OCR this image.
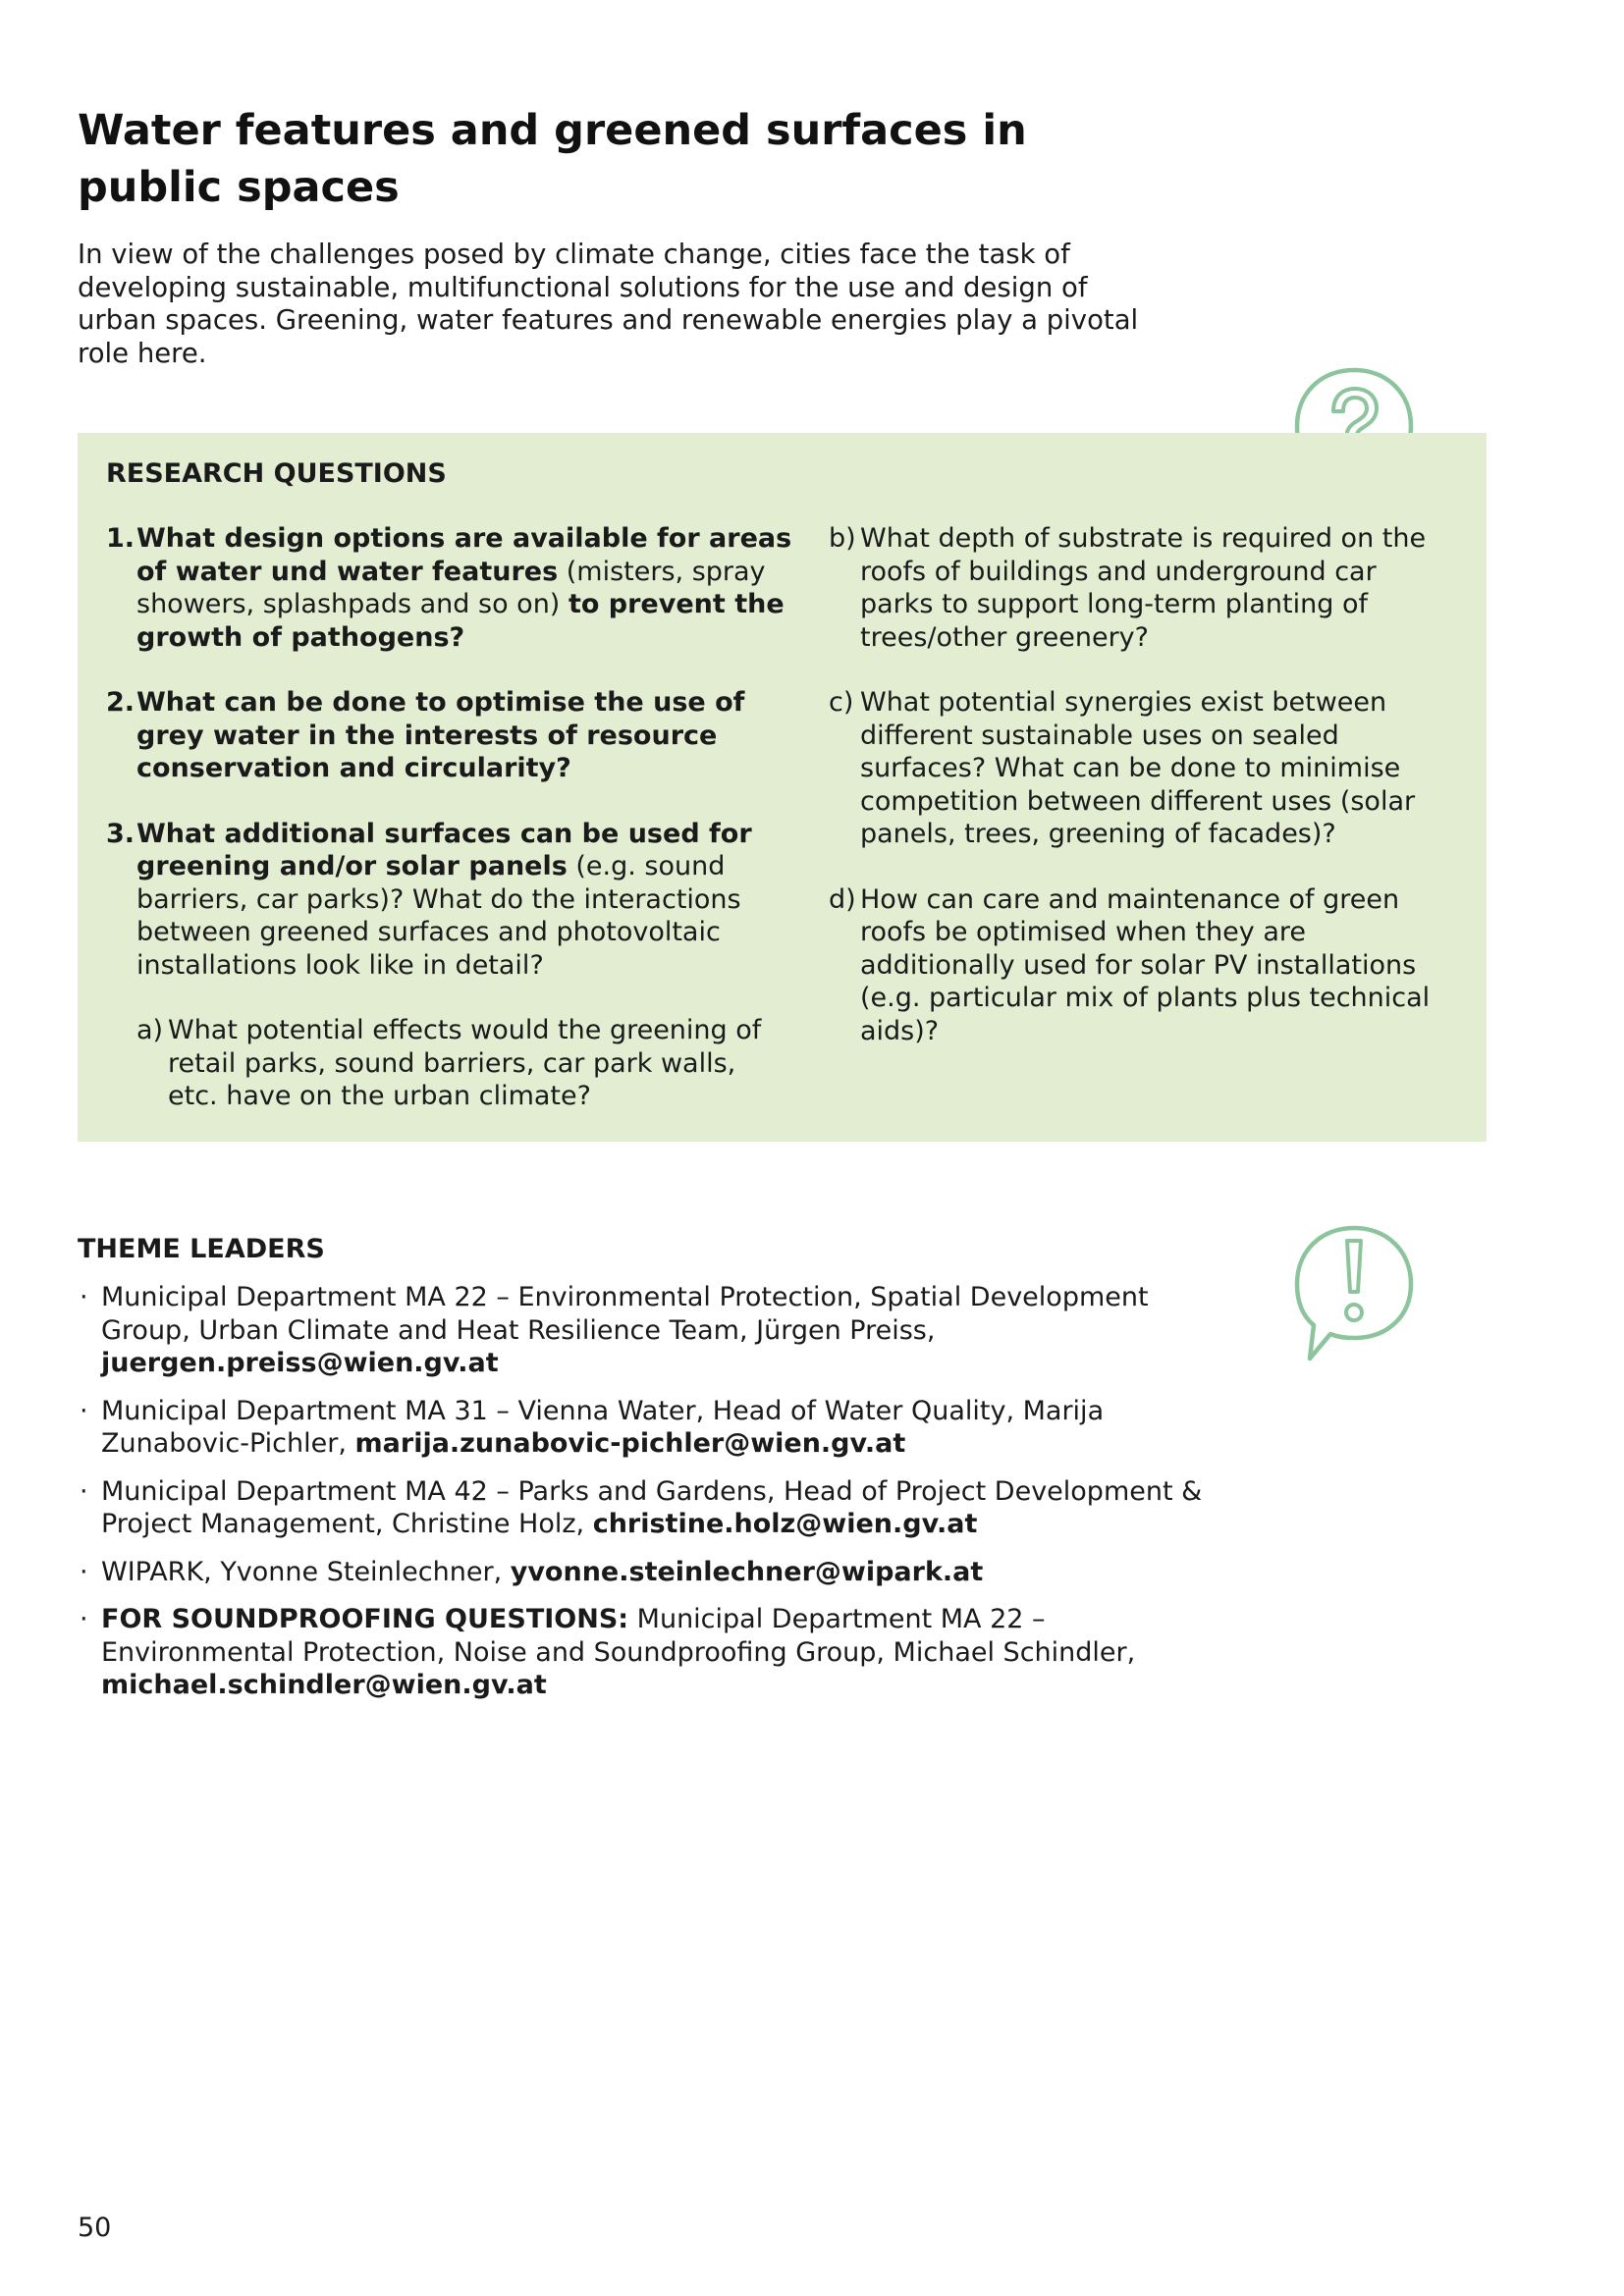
Water features and greened surfaces in public spaces

In view of the challenges posed by climate change, cities face the task of developing sustainable, multifunctional solutions for the use and design of urban spaces. Greening, water features and renewable energies play a pivotal role here.

RESEARCH QUESTIONS
1. What design options are available for areas of water und water features (misters, spray showers, splashpads and so on) to prevent the growth of pathogens?
2. What can be done to optimise the use of grey water in the interests of resource conservation and circularity?
3. What additional surfaces can be used for greening and/or solar panels (e.g. sound barriers, car parks)? What do the interactions between greened surfaces and photovoltaic installations look like in detail?
a) What potential effects would the greening of retail parks, sound barriers, car park walls, etc. have on the urban climate?
b) What depth of substrate is required on the roofs of buildings and underground car parks to support long-term planting of trees/other greenery?
c) What potential synergies exist between different sustainable uses on sealed surfaces? What can be done to minimise competition between different uses (solar panels, trees, greening of facades)?
d) How can care and maintenance of green roofs be optimised when they are additionally used for solar PV installations (e.g. particular mix of plants plus technical aids)?
THEME LEADERS
· Municipal Department MA 22 – Environmental Protection, Spatial Development Group, Urban Climate and Heat Resilience Team, Jürgen Preiss, juergen.preiss@wien.gv.at
· Municipal Department MA 31 – Vienna Water, Head of Water Quality, Marija Zunabovic-Pichler, marija.zunabovic-pichler@wien.gv.at
· Municipal Department MA 42 – Parks and Gardens, Head of Project Development & Project Management, Christine Holz, christine.holz@wien.gv.at
· WIPARK, Yvonne Steinlechner, yvonne.steinlechner@wipark.at
· FOR SOUNDPROOFING QUESTIONS: Municipal Department MA 22 – Environmental Protection, Noise and Soundproofing Group, Michael Schindler, michael.schindler@wien.gv.at

50
